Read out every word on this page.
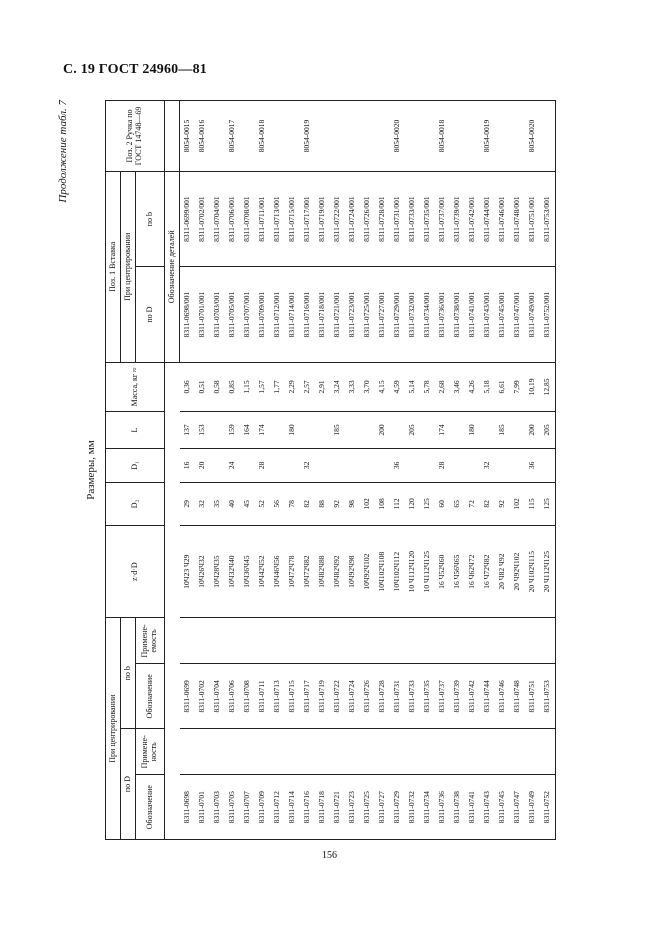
С. 19 ГОСТ 24960—81
Продолжение табл. 7
Размеры, мм
При центрировании				z·d·D	D₂	D₁	L	Масса, кг ≈	Поз. 1 Вставка		Поз. 2 Ручка по ГОСТ 14748—69
по D		по b							При центрировании		
Обозначение	Примене-ность	Обозначение	Примене-емость						по D	по b	
									Обозначение деталей		
8311-0698		8311-0699		10Ч23 Ч29	29	16	137	0,36	8311-0698/001	8311-0699/001	8054-0015
8311-0701		8311-0702		10Ч26Ч32	32	20	153	0,51	8311-0701/001	8311-0702/001	8054-0016
8311-0703		8311-0704		10Ч28Ч35	35			0,58	8311-0703/001	8311-0704/001	
8311-0705		8311-0706		10Ч32Ч40	40	24	159	0,85	8311-0705/001	8311-0706/001	8054-0017
8311-0707		8311-0708		10Ч36Ч45	45		164	1,15	8311-0707/001	8311-0708/001	
8311-0709		8311-0711		10Ч42Ч52	52	28	174	1,57	8311-0709/001	8311-0711/001	8054-0018
8311-0712		8311-0713		10Ч46Ч56	56			1,77	8311-0712/001	8311-0713/001	
8311-0714		8311-0715		10Ч72Ч78	78		180	2,29	8311-0714/001	8311-0715/001	
8311-0716		8311-0717		10Ч72Ч82	82	32		2,57	8311-0716/001	8311-0717/001	8054-0019
8311-0718		8311-0719		10Ч82Ч88	88			2,91	8311-0718/001	8311-0719/001	
8311-0721		8311-0722		10Ч82Ч92	92		185	3,24	8311-0721/001	8311-0722/001	
8311-0723		8311-0724		10Ч92Ч98	98			3,33	8311-0723/001	8311-0724/001	
8311-0725		8311-0726		10Ч92Ч102	102			3,70	8311-0725/001	8311-0726/001	
8311-0727		8311-0728		10Ч102Ч108	108		200	4,15	8311-0727/001	8311-0728/001	
8311-0729		8311-0731		10Ч102Ч112	112	36		4,59	8311-0729/001	8311-0731/001	8054-0020
8311-0732		8311-0733		10 Ч112Ч120	120		205	5,14	8311-0732/001	8311-0733/001	
8311-0734		8311-0735		10 Ч112Ч125	125			5,78	8311-0734/001	8311-0735/001	
8311-0736		8311-0737		16 Ч52Ч60	60	28	174	2,68	8311-0736/001	8311-0737/001	8054-0018
8311-0738		8311-0739		16 Ч56Ч65	65			3,46	8311-0738/001	8311-0739/001	
8311-0741		8311-0742		16 Ч62Ч72	72		180	4,26	8311-0741/001	8311-0742/001	
8311-0743		8311-0744		16 Ч72Ч82	82	32		5,18	8311-0743/001	8311-0744/001	8054-0019
8311-0745		8311-0746		20 Ч82 Ч92	92		185	6,61	8311-0745/001	8311-0746/001	
8311-0747		8311-0748		20 Ч92Ч102	102			7,99	8311-0747/001	8311-0748/001	
8311-0749		8311-0751		20 Ч102Ч115	115	36	200	10,19	8311-0749/001	8311-0751/001	8054-0020
8311-0752		8311-0753		20 Ч112Ч125	125		205	12,85	8311-0752/001	8311-0753/001	
156
